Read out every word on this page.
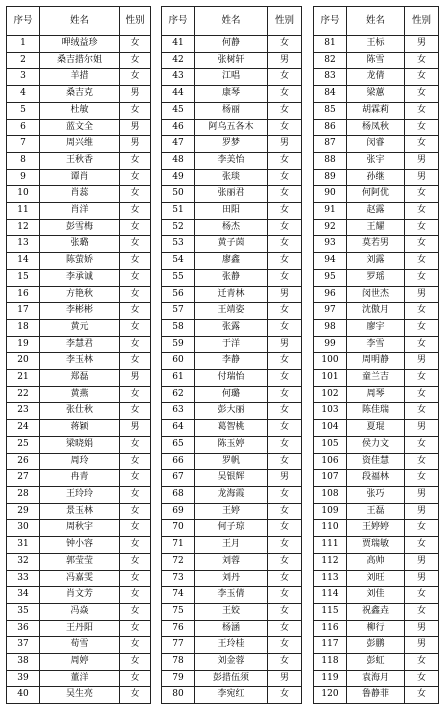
序号	姓名	性别
1	呷绒益珍	女
2	桑吉措尔姐	女
3	羊措	女
4	桑吉克	男
5	杜敏	女
6	蓝文全	男
7	周兴维	男
8	王秋香	女
9	谭肖	女
10	肖蕊	女
11	肖洋	女
12	彭雪梅	女
13	张璐	女
14	陈萤娇	女
15	李承诚	女
16	方艳秋	女
17	李彬彬	女
18	黄元	女
19	李慧君	女
20	李玉林	女
21	郑磊	男
22	黄燕	女
23	张仕秋	女
24	蒋颖	男
25	梁晓娟	女
26	周玲	女
27	冉青	女
28	王玲玲	女
29	景玉林	女
30	周秋宇	女
31	钟小容	女
32	郭莹莹	女
33	冯嘉雯	女
34	肖文芳	女
35	冯焱	女
36	王丹阳	女
37	荀雪	女
38	周婷	女
39	董洋	女
40	吴生亮	女
序号	姓名	性别
41	何静	女
42	张树轩	男
43	江唱	女
44	康琴	女
45	杨丽	女
46	阿乌五各木	女
47	罗梦	男
48	李美怡	女
49	张琰	女
50	张丽君	女
51	田阳	女
52	杨杰	女
53	黄子茵	女
54	廖鑫	女
55	张静	女
56	迁青林	男
57	王靖姿	女
58	张露	女
59	于洋	男
60	李静	女
61	付瑞怡	女
62	何璐	女
63	彭大丽	女
64	葛智桃	女
65	陈玉婷	女
66	罗帆	女
67	吴银辉	男
68	龙海霞	女
69	王婷	女
70	何子琼	女
71	王月	女
72	刘蓉	女
73	刘丹	女
74	李玉倩	女
75	王姣	女
76	杨涵	女
77	王玲桂	女
78	刘金蓉	女
79	彭措伍须	男
80	李宛红	女
序号	姓名	性别
81	王标	男
82	陈雪	女
83	龙倩	女
84	梁蕙	女
85	胡霖莉	女
86	杨凤秋	女
87	闵睿	女
88	张宇	男
89	孙继	男
90	何阿优	女
91	赵露	女
92	王耀	女
93	莫若男	女
94	刘露	女
95	罗瑶	女
96	闵世杰	男
97	沈傲月	女
98	廖宇	女
99	李雪	女
100	周明静	男
101	童兰吉	女
102	周琴	女
103	陈佳瑞	女
104	夏琨	男
105	侯力文	女
106	资佳慧	女
107	段福林	女
108	张巧	男
109	王磊	男
110	王婷婷	女
111	贾瑞敏	女
112	高帅	男
113	刘旺	男
114	刘佳	女
115	祝鑫垚	女
116	柳行	男
117	彭鹏	男
118	彭虹	女
119	袁海月	女
120	鲁静菲	女
